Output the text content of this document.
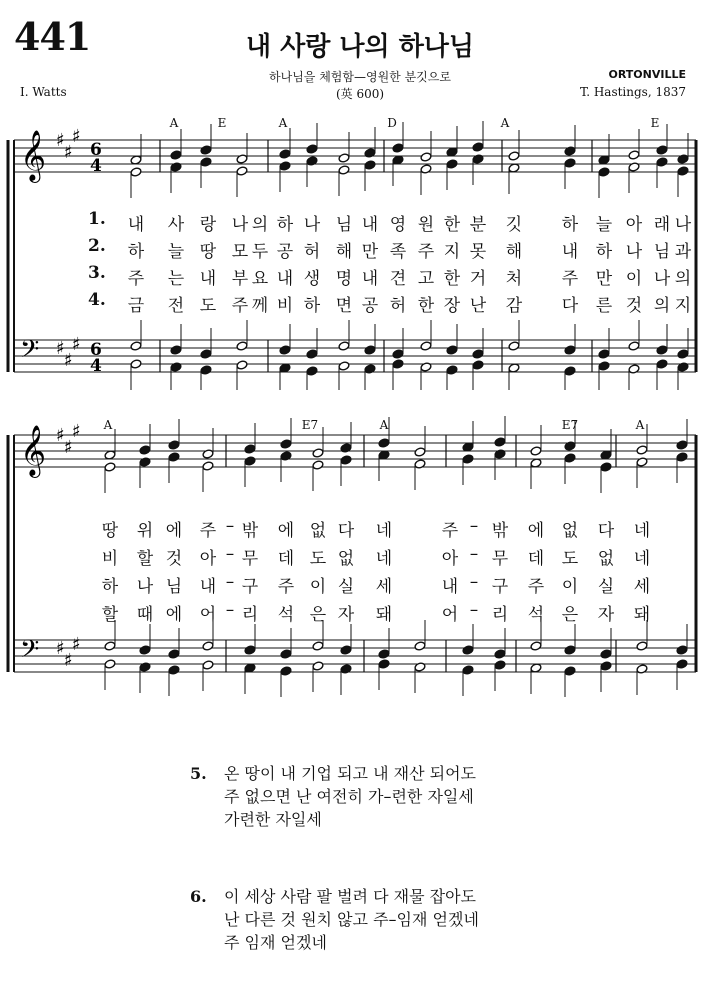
441	내 사랑 나의 하나님
하나님을 체험함—영원한 분깃으로	ORTONVILLE
I. Watts	(英 600)	T. Hastings, 1837
𝄞
𝄢
♯
♯
♯
♯
♯
♯
6
4
6
4
A	E	A	D	A	E
1. 내 사 랑 나 의 하 나 님 내 영 원 한 분 깃 하 늘 아 래 나
2. 하 늘 땅 모 두 공 허 해 만 족 주 지 못 해 내 하 나 님 과
3. 주 는 내 부 요 내 생 명 내 견 고 한 거 처 주 만 이 나 의
4. 금 전 도 주 께 비 하 면 공 허 한 장 난 감 다 른 것 의 지
𝄞
𝄢
♯
♯
♯
♯
♯
♯
A	E7	A	E7	A
땅 위 에 주 – 밖 에 없 다 네	주 – 밖 에 없 다 네
비 할 것 아 – 무 데 도 없 네	아 – 무 데 도 없 네
하 나 님 내 – 구 주 이 실 세	내 – 구 주 이 실 세
할 때 에 어 – 리 석 은 자 돼	어 – 리 석 은 자 돼
5. 온 땅이 내 기업 되고 내 재산 되어도
주 없으면 난 여전히 가–련한 자일세
가련한 자일세
6. 이 세상 사람 팔 벌려 다 재물 잡아도
난 다른 것 원치 않고 주–임재 얻겠네
주 임재 얻겠네
